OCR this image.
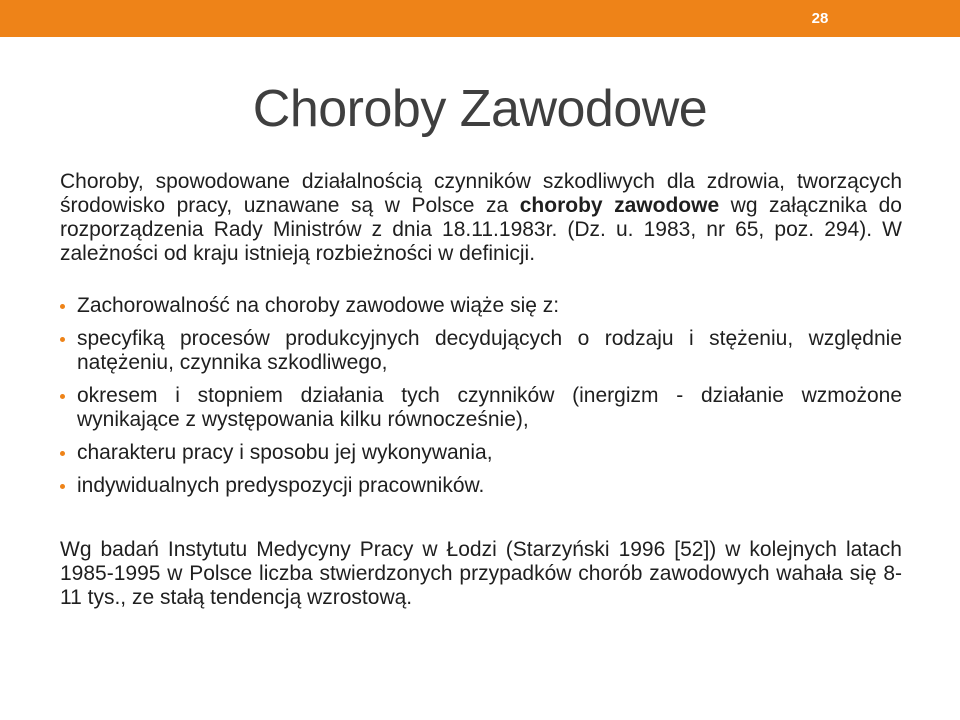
28
Choroby Zawodowe

Choroby, spowodowane działalnością czynników szkodliwych dla zdrowia, tworzących środowisko pracy, uznawane są w Polsce za choroby zawodowe wg załącznika do rozporządzenia Rady Ministrów z dnia 18.11.1983r. (Dz. u. 1983, nr 65, poz. 294). W zależności od kraju istnieją rozbieżności w definicji.

Zachorowalność na choroby zawodowe wiąże się z:
specyfiką procesów produkcyjnych decydujących o rodzaju i stężeniu, względnie natężeniu, czynnika szkodliwego,
okresem i stopniem działania tych czynników (inergizm - działanie wzmożone wynikające z występowania kilku równocześnie),
charakteru pracy i sposobu jej wykonywania,
indywidualnych predyspozycji pracowników.

Wg badań Instytutu Medycyny Pracy w Łodzi (Starzyński 1996 [52]) w kolejnych latach 1985-1995 w Polsce liczba stwierdzonych przypadków chorób zawodowych wahała się 8-11 tys., ze stałą tendencją wzrostową.
